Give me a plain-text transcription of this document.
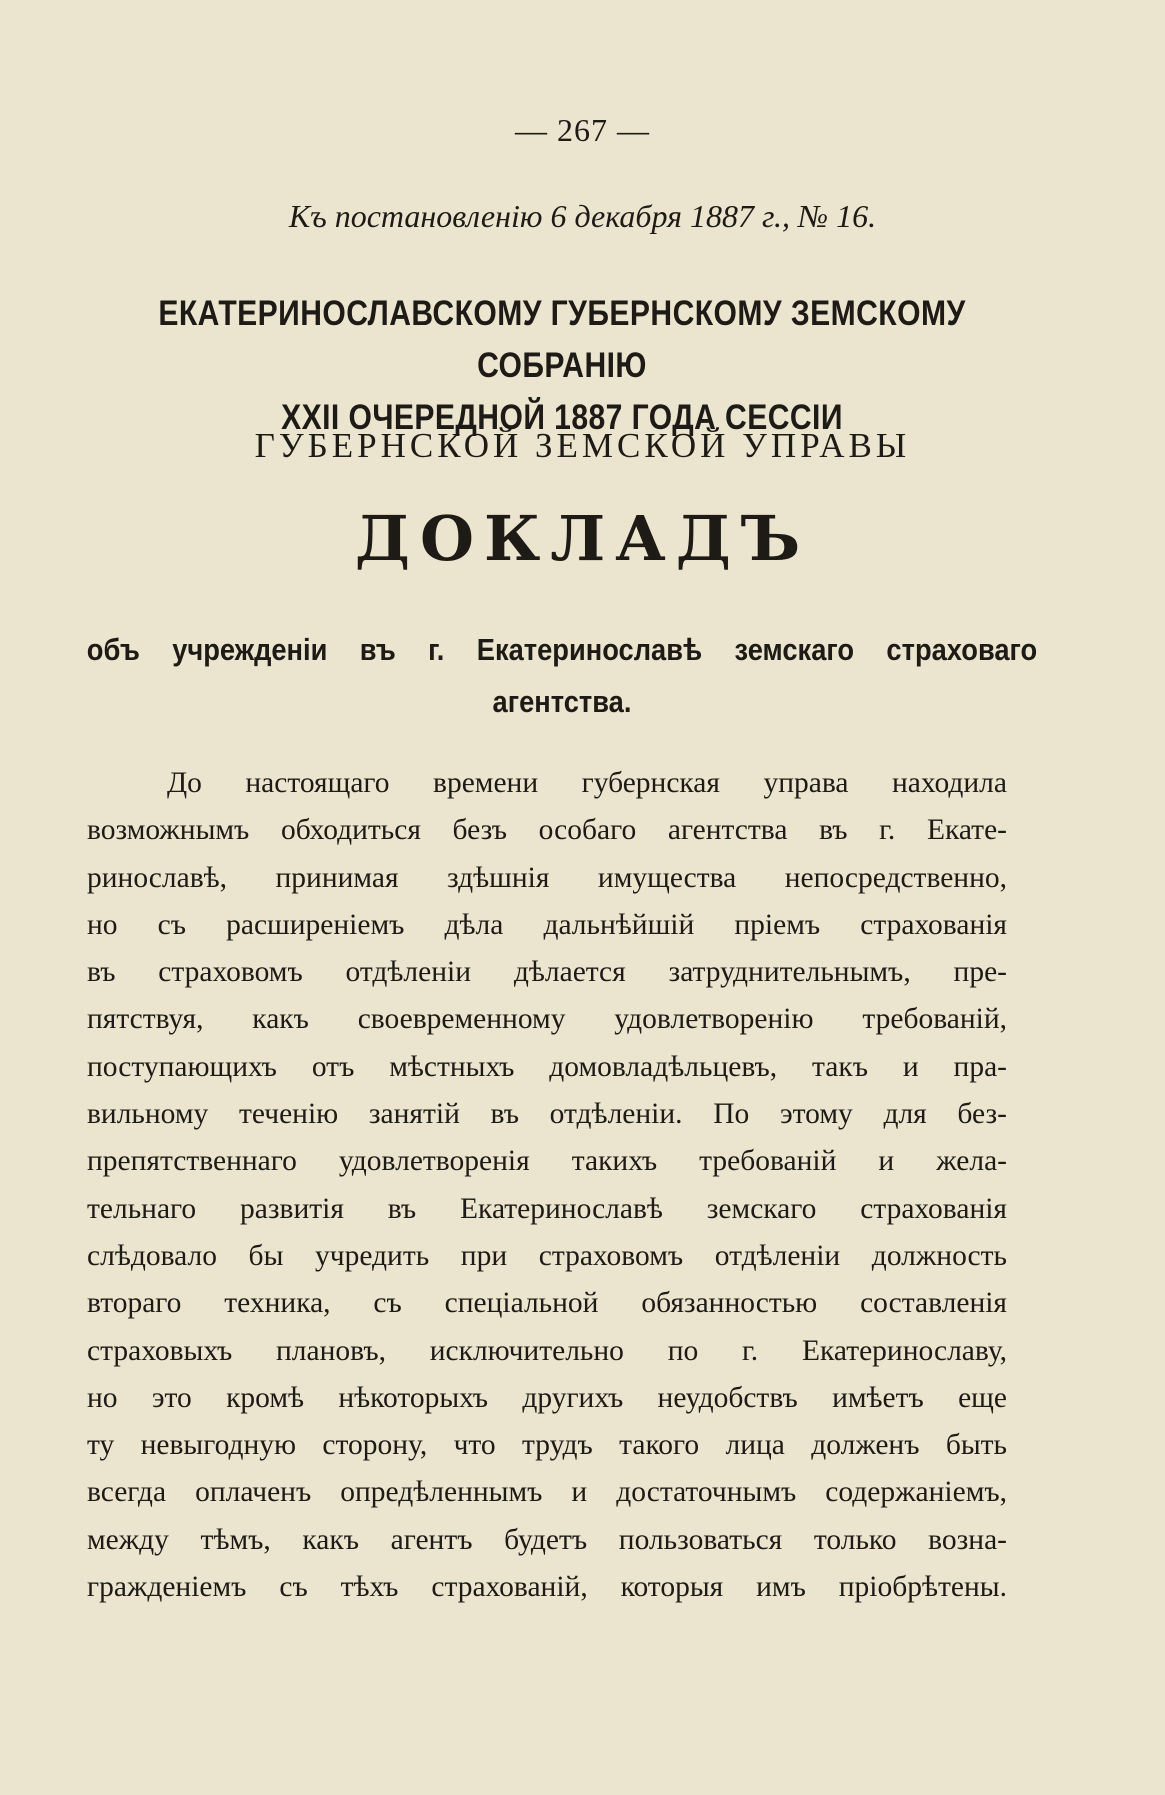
— 267 —
Къ постановленію 6 декабря 1887 г., № 16.
ЕКАТЕРИНОСЛАВСКОМУ ГУБЕРНСКОМУ ЗЕМСКОМУ СОБРАНІЮ
XXII ОЧЕРЕДНОЙ 1887 ГОДА СЕССІИ
ГУБЕРНСКОЙ ЗЕМСКОЙ УПРАВЫ
ДОКЛАДЪ
объ учрежденіи въ г. Екатеринославѣ земскаго страховаго
агентства.
До настоящаго времени губернская управа находила
возможнымъ обходиться безъ особаго агентства въ г. Екате-
ринославѣ, принимая здѣшнія имущества непосредственно,
но съ расширеніемъ дѣла дальнѣйшій пріемъ страхованія
въ страховомъ отдѣленіи дѣлается затруднительнымъ, пре-
пятствуя, какъ своевременному удовлетворенію требованій,
поступающихъ отъ мѣстныхъ домовладѣльцевъ, такъ и пра-
вильному теченію занятій въ отдѣленіи. По этому для без-
препятственнаго удовлетворенія такихъ требованій и жела-
тельнаго развитія въ Екатеринославѣ земскаго страхованія
слѣдовало бы учредить при страховомъ отдѣленіи должность
втораго техника, съ спеціальной обязанностью составленія
страховыхъ плановъ, исключительно по г. Екатеринославу,
но это кромѣ нѣкоторыхъ другихъ неудобствъ имѣетъ еще
ту невыгодную сторону, что трудъ такого лица долженъ быть
всегда оплаченъ опредѣленнымъ и достаточнымъ содержаніемъ,
между тѣмъ, какъ агентъ будетъ пользоваться только возна-
гражденіемъ съ тѣхъ страхованій, которыя имъ пріобрѣтены.
